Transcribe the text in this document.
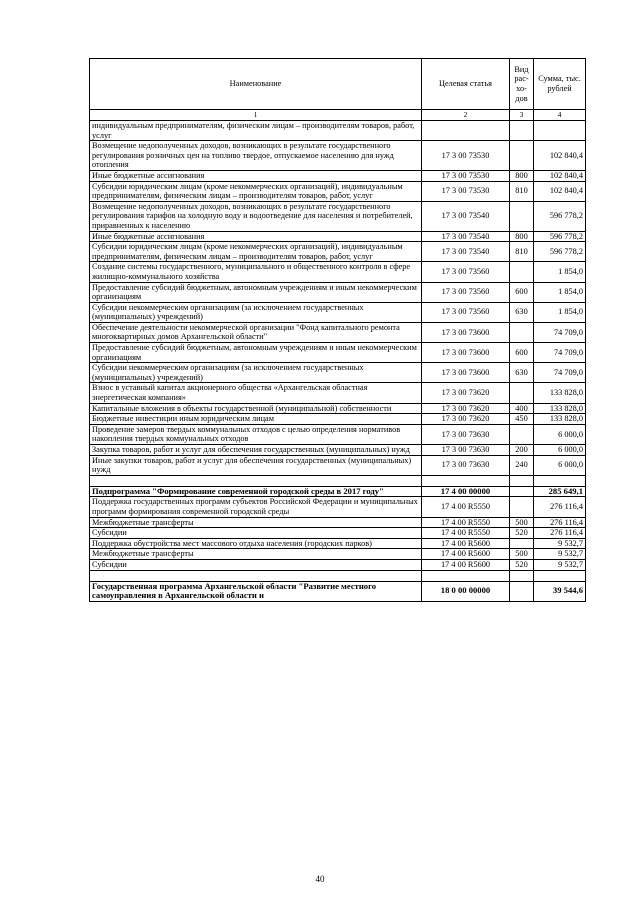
Наименование	Целевая статья	Вид рас-хо-дов	Сумма, тыс. рублей
1	2	3	4
индивидуальным предпринимателям, физическим лицам – производителям товаров, работ, услуг			
Возмещение недополученных доходов, возникающих в результате государственного регулирования розничных цен на топливо твердое, отпускаемое населению для нужд отопления	17 3 00 73530		102 840,4
Иные бюджетные ассигнования	17 3 00 73530	800	102 840,4
Субсидии юридическим лицам (кроме некоммерческих организаций), индивидуальным предпринимателям, физическим лицам – производителям товаров, работ, услуг	17 3 00 73530	810	102 840,4
Возмещение недополученных доходов, возникающих в результате государственного регулирования тарифов на холодную воду и водоотведение для населения и потребителей, приравненных к населению	17 3 00 73540		596 778,2
Иные бюджетные ассигнования	17 3 00 73540	800	596 778,2
Субсидии юридическим лицам (кроме некоммерческих организаций), индивидуальным предпринимателям, физическим лицам – производителям товаров, работ, услуг	17 3 00 73540	810	596 778,2
Создание системы государственного, муниципального и общественного контроля в сфере жилищно-коммунального хозяйства	17 3 00 73560		1 854,0
Предоставление субсидий бюджетным, автономным учреждениям и иным некоммерческим организациям	17 3 00 73560	600	1 854,0
Субсидии некоммерческим организациям (за исключением государственных (муниципальных) учреждений)	17 3 00 73560	630	1 854,0
Обеспечение деятельности некоммерческой организации "Фонд капитального ремонта многоквартирных домов Архангельской области"	17 3 00 73600		74 709,0
Предоставление субсидий бюджетным, автономным учреждениям и иным некоммерческим организациям	17 3 00 73600	600	74 709,0
Субсидии некоммерческим организациям (за исключением государственных (муниципальных) учреждений)	17 3 00 73600	630	74 709,0
Взнос в уставный капитал акционерного общества «Архангельская областная энергетическая компания»	17 3 00 73620		133 828,0
Капитальные вложения в объекты государственной (муниципальной) собственности	17 3 00 73620	400	133 828,0
Бюджетные инвестиции иным юридическим лицам	17 3 00 73620	450	133 828,0
Проведение замеров твердых коммунальных отходов с целью определения нормативов накопления твердых коммунальных отходов	17 3 00 73630		6 000,0
Закупка товаров, работ и услуг для обеспечения государственных (муниципальных) нужд	17 3 00 73630	200	6 000,0
Иные закупки товаров, работ и услуг для обеспечения государственных (муниципальных) нужд	17 3 00 73630	240	6 000,0

Подпрограмма "Формирование современной городской среды в 2017 году"	17 4 00 00000		285 649,1
Поддержка государственных программ субъектов Российской Федерации и муниципальных программ формирования современной городской среды	17 4 00 R5550		276 116,4
Межбюджетные трансферты	17 4 00 R5550	500	276 116,4
Субсидии	17 4 00 R5550	520	276 116,4
Поддержка обустройства мест массового отдыха населения (городских парков)	17 4 00 R5600		9 532,7
Межбюджетные трансферты	17 4 00 R5600	500	9 532,7
Субсидии	17 4 00 R5600	520	9 532,7

Государственная программа Архангельской области "Развитие местного самоуправления в Архангельской области и	18 0 00 00000		39 544,6
40
